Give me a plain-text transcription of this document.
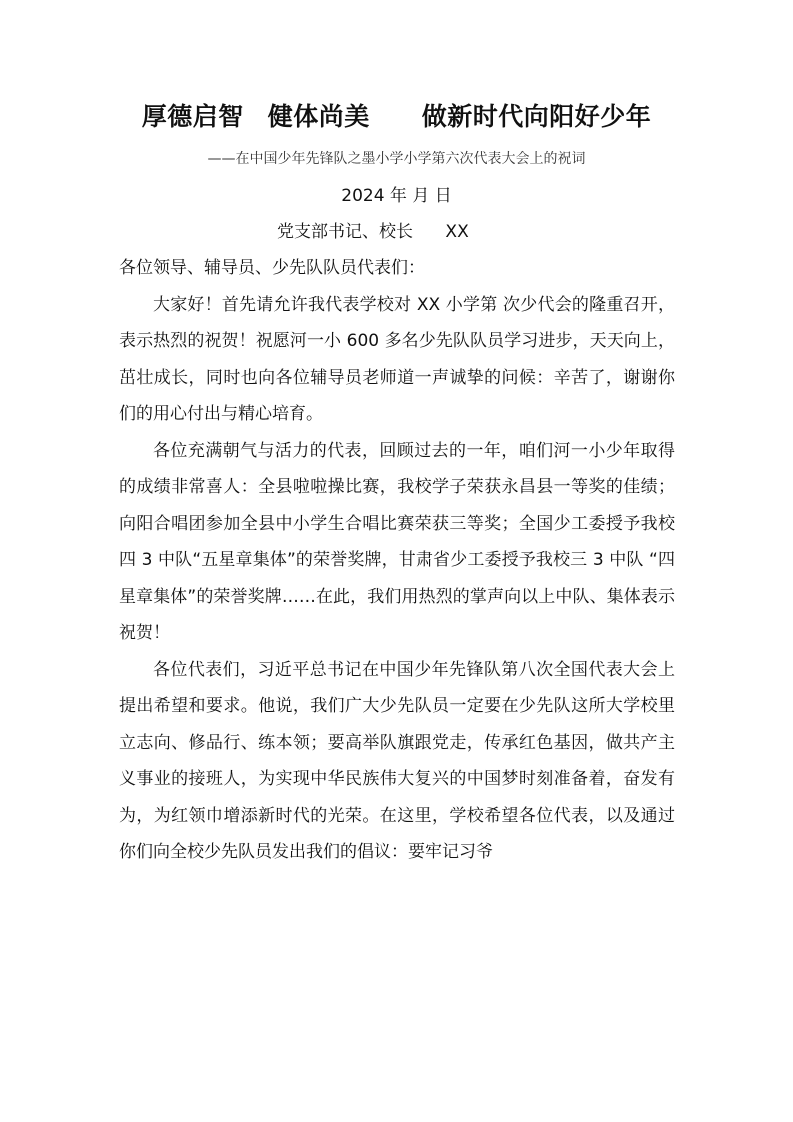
厚德启智 健体尚美 做新时代向阳好少年
——在中国少年先锋队之墨小学小学第六次代表大会上的祝词
2024 年 月 日
党支部书记、校长      XX

各位领导、辅导员、少先队队员代表们：

大家好！首先请允许我代表学校对 XX 小学第 次少代会的隆重召开，表示热烈的祝贺！祝愿河一小 600 多名少先队队员学习进步，天天向上，茁壮成长，同时也向各位辅导员老师道一声诚挚的问候：辛苦了，谢谢你们的用心付出与精心培育。

各位充满朝气与活力的代表，回顾过去的一年，咱们河一小少年取得的成绩非常喜人：全县啦啦操比赛，我校学子荣获永昌县一等奖的佳绩；向阳合唱团参加全县中小学生合唱比赛荣获三等奖；全国少工委授予我校四 3 中队“五星章集体”的荣誉奖牌，甘肃省少工委授予我校三 3 中队 “四星章集体”的荣誉奖牌……在此，我们用热烈的掌声向以上中队、集体表示祝贺！

各位代表们，习近平总书记在中国少年先锋队第八次全国代表大会上提出希望和要求。他说，我们广大少先队员一定要在少先队这所大学校里立志向、修品行、练本领；要高举队旗跟党走，传承红色基因，做共产主义事业的接班人，为实现中华民族伟大复兴的中国梦时刻准备着，奋发有为，为红领巾增添新时代的光荣。在这里，学校希望各位代表，以及通过你们向全校少先队员发出我们的倡议：要牢记习爷
